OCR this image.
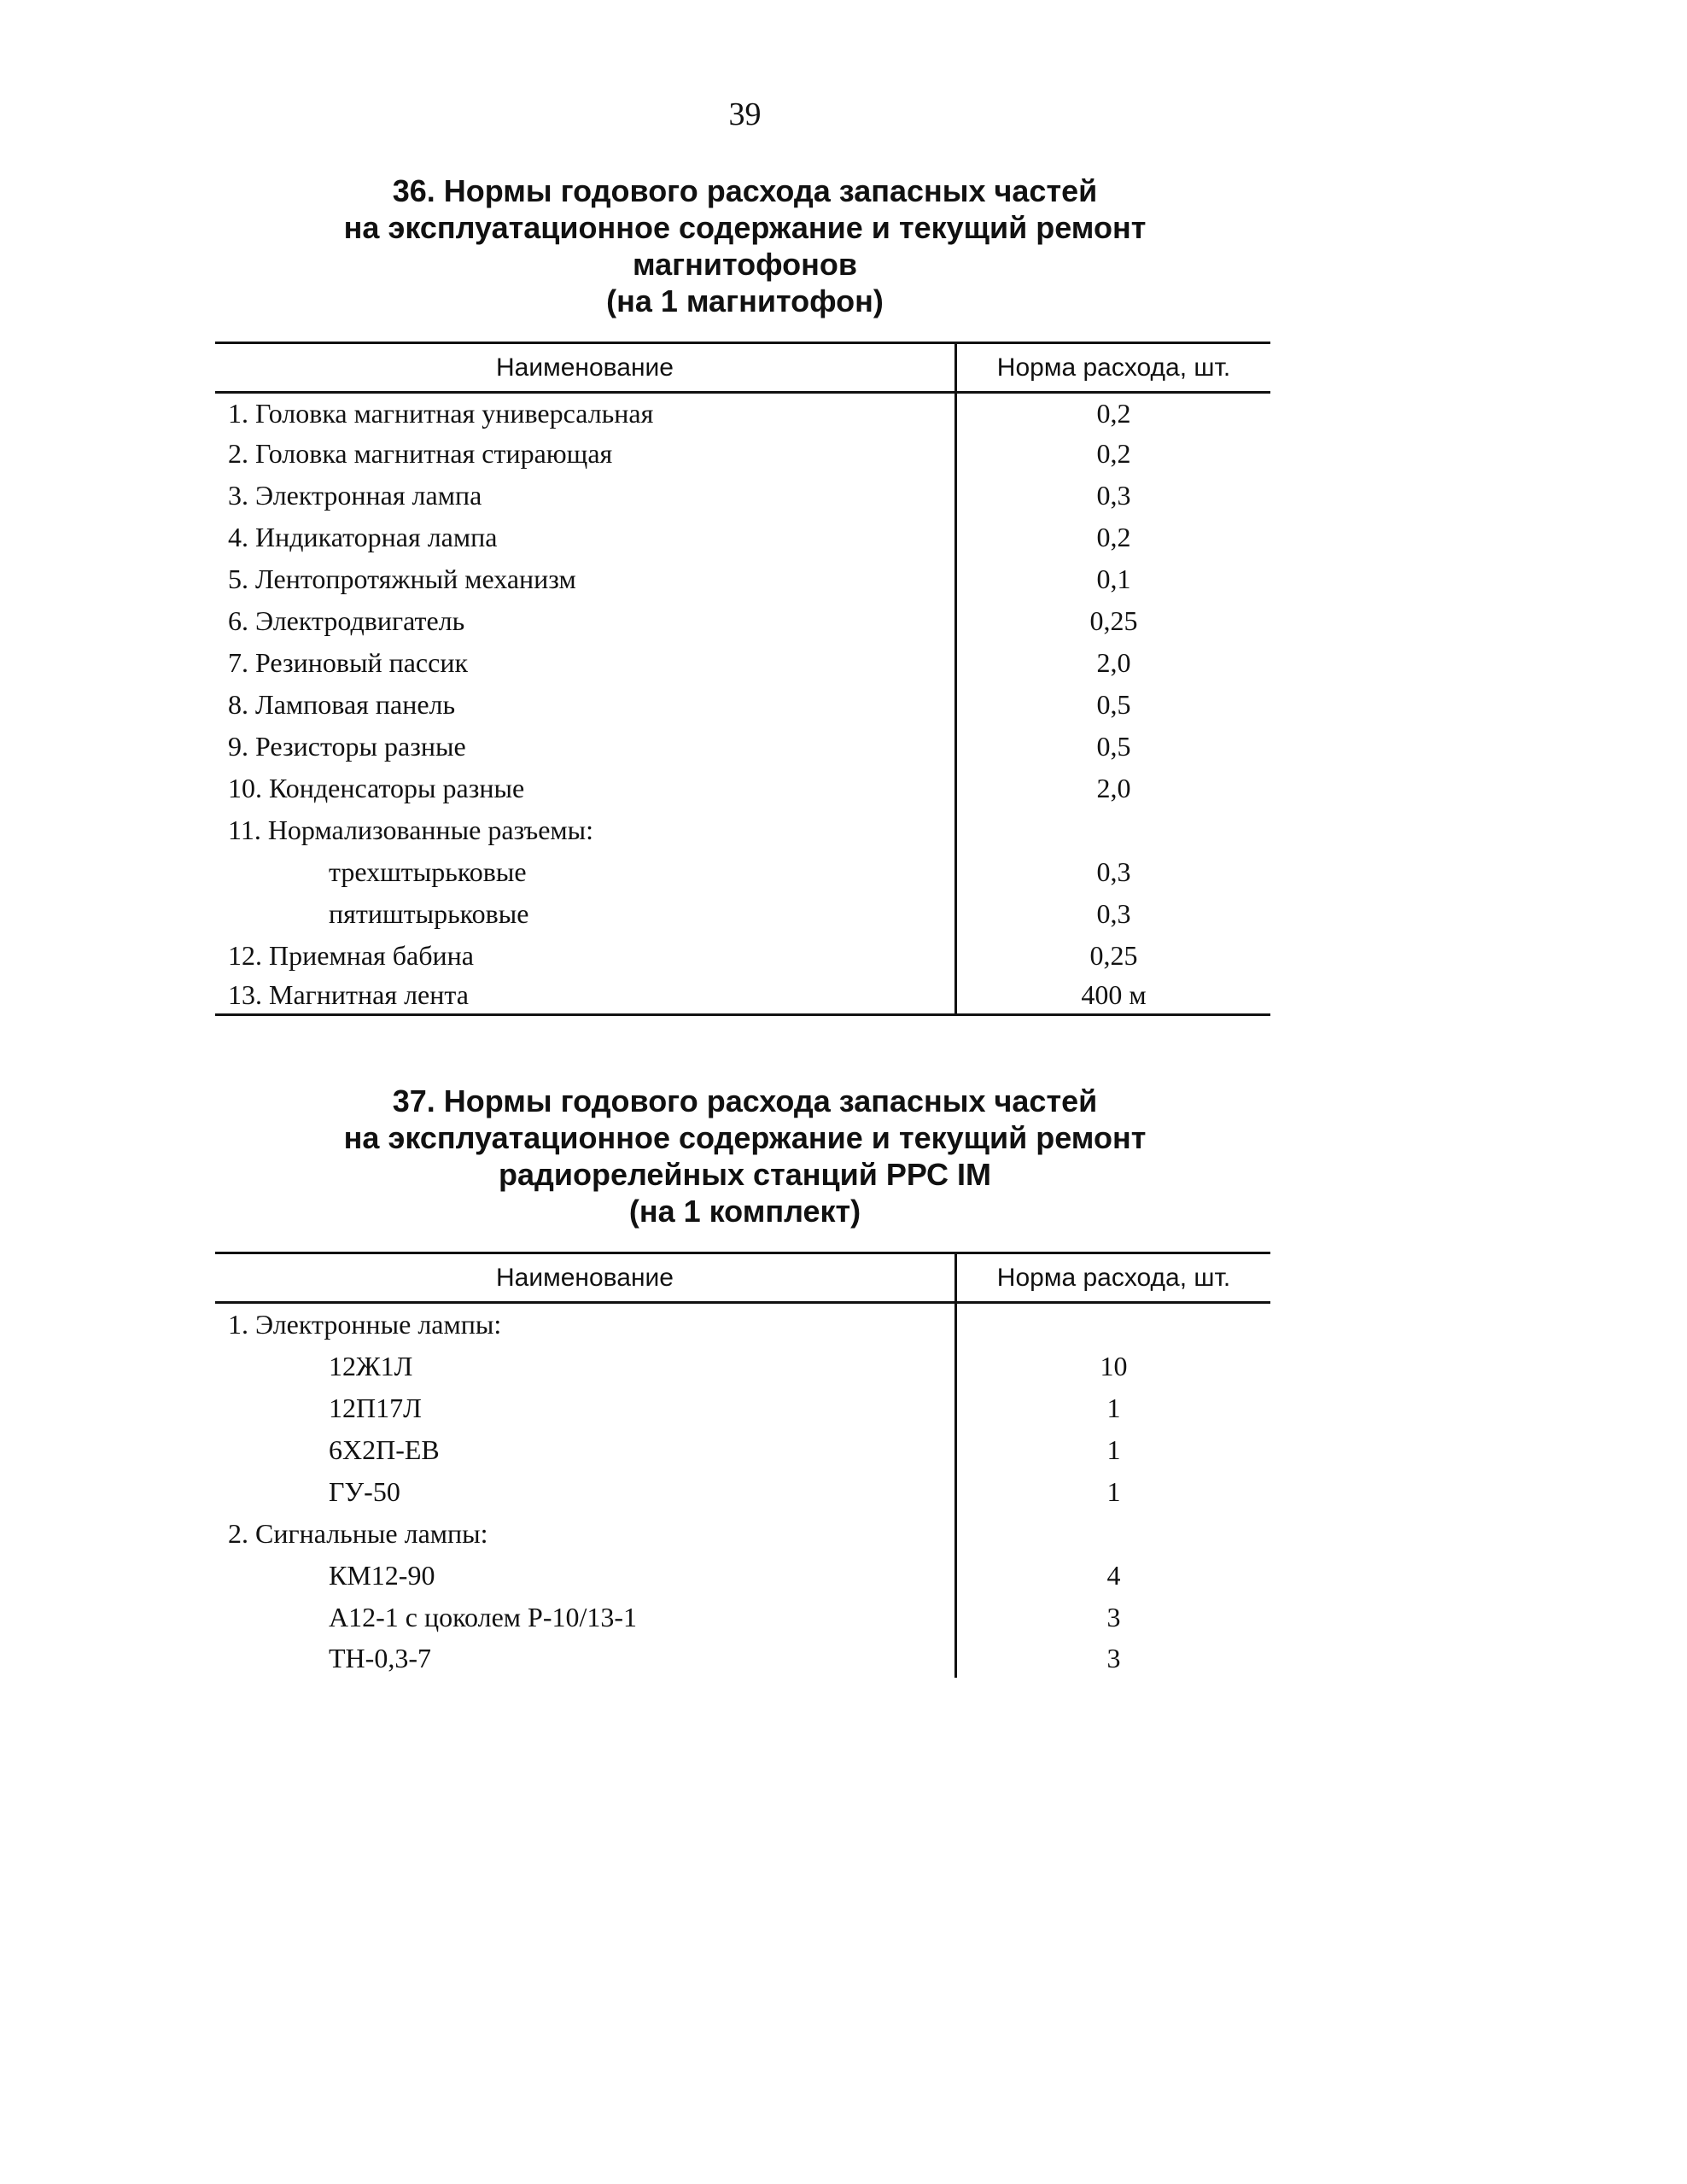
39
36. Нормы годового расхода запасных частей
на эксплуатационное содержание и текущий ремонт
магнитофонов
(на 1 магнитофон)
Наименование	Норма расхода, шт.
1. Головка магнитная универсальная	0,2
2. Головка магнитная стирающая	0,2
3. Электронная лампа	0,3
4. Индикаторная лампа	0,2
5. Лентопротяжный механизм	0,1
6. Электродвигатель	0,25
7. Резиновый пассик	2,0
8. Ламповая панель	0,5
9. Резисторы разные	0,5
10. Конденсаторы разные	2,0
11. Нормализованные разъемы:
трехштырьковые	0,3
пятиштырьковые	0,3
12. Приемная бабина	0,25
13. Магнитная лента	400 м
37. Нормы годового расхода запасных частей
на эксплуатационное содержание и текущий ремонт
радиорелейных станций РРС IM
(на 1 комплект)
Наименование	Норма расхода, шт.
1. Электронные лампы:
12Ж1Л	10
12П17Л	1
6Х2П-ЕВ	1
ГУ-50	1
2. Сигнальные лампы:
КМ12-90	4
А12-1 с цоколем Р-10/13-1	3
ТН-0,3-7	3
